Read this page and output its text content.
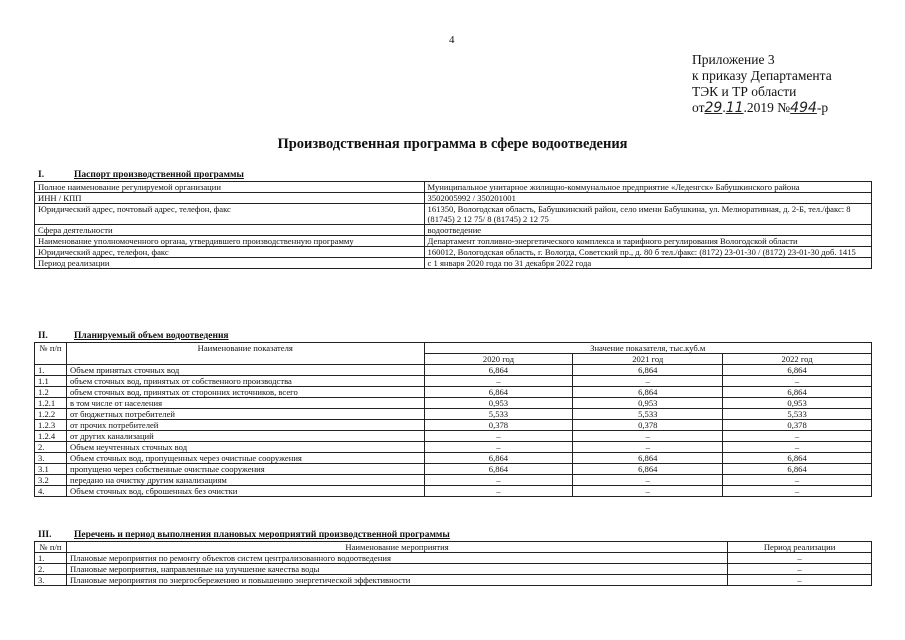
4
Приложение 3
к приказу Департамента
ТЭК и ТР области
от29.11.2019 №494-р
Производственная программа в сфере водоотведения
I.	Паспорт производственной программы
Полное наименование регулируемой организации	Муниципальное унитарное жилищно-коммунальное предприятие «Леденгск» Бабушкинского района
ИНН / КПП	3502005992 / 350201001
Юридический адрес, почтовый адрес, телефон, факс	161350, Вологодская область, Бабушкинский район, село имени Бабушкина, ул. Мелиоративная, д. 2-Б, тел./факс: 8 (81745) 2 12 75/ 8 (81745) 2 12 75
Сфера деятельности	водоотведение
Наименование уполномоченного органа, утвердившего производственную программу	Департамент топливно-энергетического комплекса и тарифного регулирования Вологодской области
Юридический адрес, телефон, факс	160012, Вологодская область, г. Вологда, Советский пр., д. 80 б тел./факс: (8172) 23-01-30 / (8172) 23-01-30 доб. 1415
Период реализации	с 1 января 2020 года по 31 декабря 2022 года
II.	Планируемый объем водоотведения
№ п/п	Наименование показателя	Значение показателя, тыс.куб.м		
		2020 год	2021 год	2022 год
1.	Объем принятых сточных вод	6,864	6,864	6,864
1.1	объем сточных вод, принятых от собственного производства	–	–	–
1.2	объем сточных вод, принятых от сторонних источников, всего	6,864	6,864	6,864
1.2.1	в том числе от населения	0,953	0,953	0,953
1.2.2	от бюджетных потребителей	5,533	5,533	5,533
1.2.3	от прочих потребителей	0,378	0,378	0,378
1.2.4	от других канализаций	–	–	–
2.	Объем неучтенных сточных вод	–	–	–
3.	Объем сточных вод, пропущенных через очистные сооружения	6,864	6,864	6,864
3.1	пропущено через собственные очистные сооружения	6,864	6,864	6,864
3.2	передано на очистку другим канализациям	–	–	–
4.	Объем сточных вод, сброшенных без очистки	–	–	–
III. Перечень и период выполнения плановых мероприятий производственной программы
№ п/п	Наименование мероприятия	Период реализации
1.	Плановые мероприятия по ремонту объектов систем централизованного водоотведения	–
2.	Плановые мероприятия, направленные на улучшение качества воды	–
3.	Плановые мероприятия по энергосбережению и повышению энергетической эффективности	–
